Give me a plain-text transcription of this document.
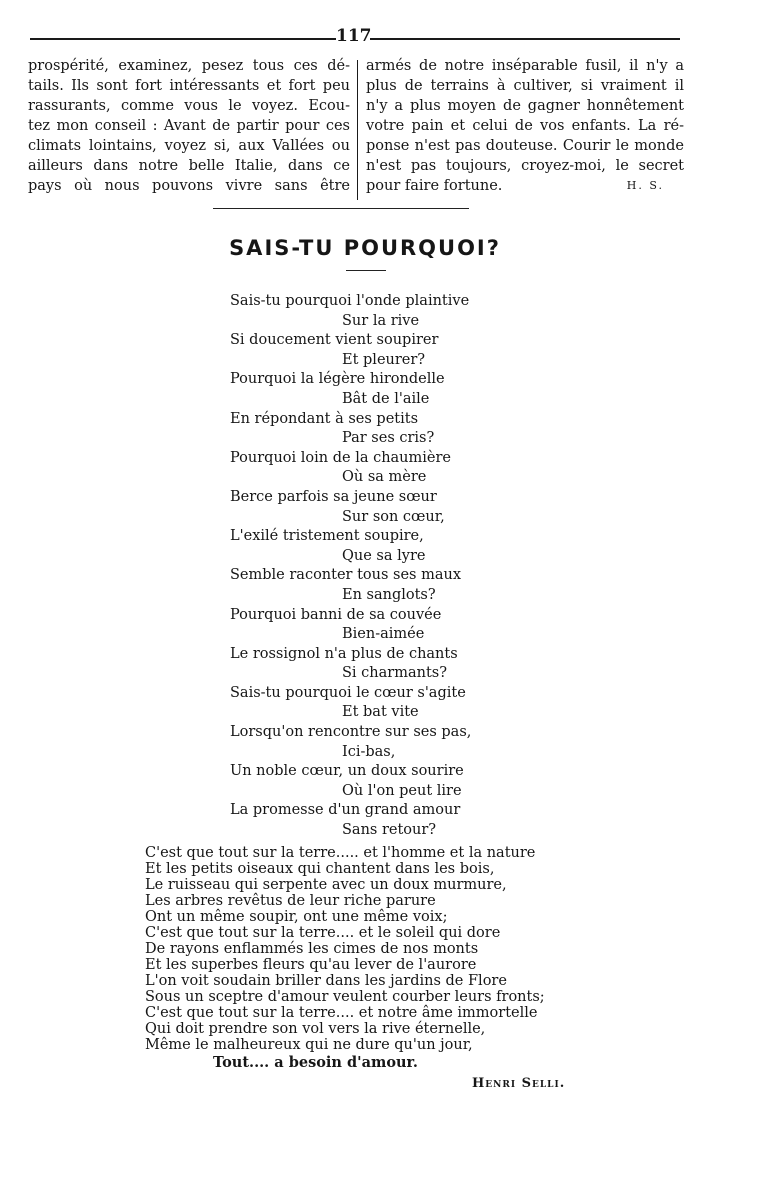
117
prospérité, examinez, pesez tous ces dé-
tails. Ils sont fort intéressants et fort peu
rassurants, comme vous le voyez. Ecou-
tez mon conseil : Avant de partir pour ces
climats lointains, voyez si, aux Vallées ou
ailleurs dans notre belle Italie, dans ce
pays où nous pouvons vivre sans être
armés de notre inséparable fusil, il n'y a
plus de terrains à cultiver, si vraiment il
n'y a plus moyen de gagner honnêtement
votre pain et celui de vos enfants. La ré-
ponse n'est pas douteuse. Courir le monde
n'est pas toujours, croyez-moi, le secret
pour faire fortune.	H. S.
SAIS-TU POURQUOI?
Sais-tu pourquoi l'onde plaintive
Sur la rive
Si doucement vient soupirer
Et pleurer?
Pourquoi la légère hirondelle
Bât de l'aile
En répondant à ses petits
Par ses cris?
Pourquoi loin de la chaumière
Où sa mère
Berce parfois sa jeune sœur
Sur son cœur,
L'exilé tristement soupire,
Que sa lyre
Semble raconter tous ses maux
En sanglots?
Pourquoi banni de sa couvée
Bien-aimée
Le rossignol n'a plus de chants
Si charmants?
Sais-tu pourquoi le cœur s'agite
Et bat vite
Lorsqu'on rencontre sur ses pas,
Ici-bas,
Un noble cœur, un doux sourire
Où l'on peut lire
La promesse d'un grand amour
Sans retour?
C'est que tout sur la terre..... et l'homme et la nature
Et les petits oiseaux qui chantent dans les bois,
Le ruisseau qui serpente avec un doux murmure,
Les arbres revêtus de leur riche parure
Ont un même soupir, ont une même voix;
C'est que tout sur la terre.... et le soleil qui dore
De rayons enflammés les cimes de nos monts
Et les superbes fleurs qu'au lever de l'aurore
L'on voit soudain briller dans les jardins de Flore
Sous un sceptre d'amour veulent courber leurs fronts;
C'est que tout sur la terre.... et notre âme immortelle
Qui doit prendre son vol vers la rive éternelle,
Même le malheureux qui ne dure qu'un jour,
Tout.... a besoin d'amour.
Henri Selli.
